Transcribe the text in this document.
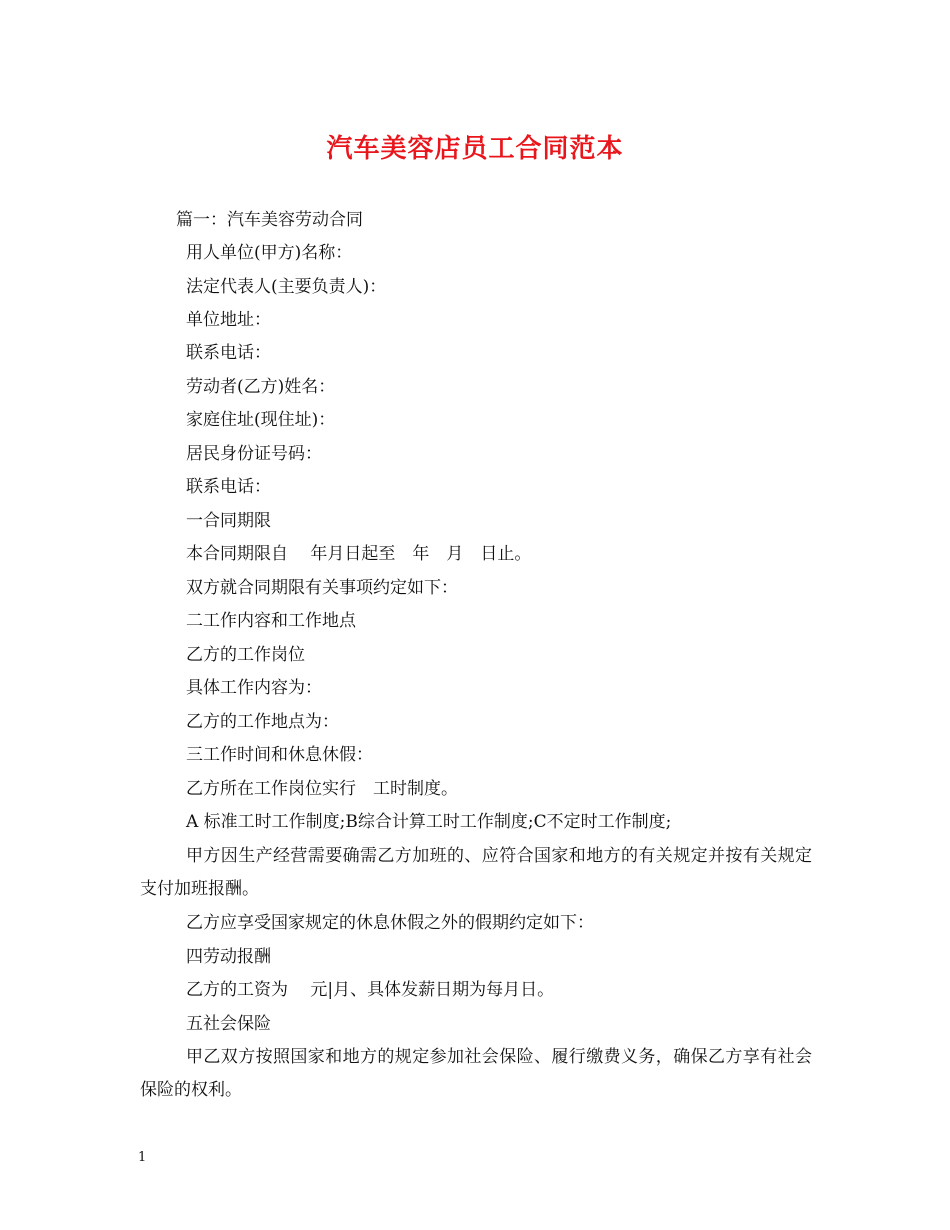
汽车美容店员工合同范本

篇一：汽车美容劳动合同

用人单位(甲方)名称：

法定代表人(主要负责人)：

单位地址：

联系电话：

劳动者(乙方)姓名：

家庭住址(现住址)：

居民身份证号码：

联系电话：

一合同期限

本合同期限自　 年月日起至　年　月　日止。

双方就合同期限有关事项约定如下：

二工作内容和工作地点

乙方的工作岗位

具体工作内容为：

乙方的工作地点为：

三工作时间和休息休假：

乙方所在工作岗位实行　工时制度。

A 标准工时工作制度;B综合计算工时工作制度;C不定时工作制度;

甲方因生产经营需要确需乙方加班的、应符合国家和地方的有关规定并按有关规定支付加班报酬。

乙方应享受国家规定的休息休假之外的假期约定如下：

四劳动报酬

乙方的工资为　 元|月、具体发薪日期为每月日。

五社会保险

甲乙双方按照国家和地方的规定参加社会保险、履行缴费义务，确保乙方享有社会保险的权利。

1
